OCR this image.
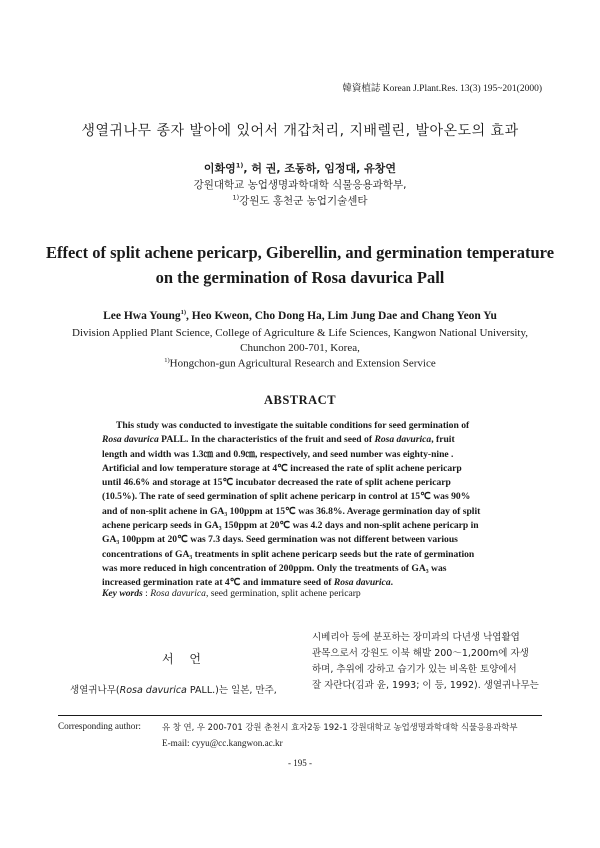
韓資植誌 Korean J.Plant.Res. 13(3) 195~201(2000)
생열귀나무 종자 발아에 있어서 개갑처리, 지배렐린, 발아온도의 효과
이화영$^{1)}$, 허 권, 조동하, 임정대, 유창연
강원대학교 농업생명과학대학 식물응용과학부,
$^{1)}$강원도 홍천군 농업기술센타
Effect of split achene pericarp, Giberellin, and germination temperature
on the germination of Rosa davurica Pall
Lee Hwa Young$^{1)}$, Heo Kweon, Cho Dong Ha, Lim Jung Dae and Chang Yeon Yu
Division Applied Plant Science, College of Agriculture & Life Sciences, Kangwon National University,
Chunchon 200-701, Korea,
$^{1)}$Hongchon-gun Agricultural Research and Extension Service
ABSTRACT
This study was conducted to investigate the suitable conditions for seed germination of
Rosa davurica PALL. In the characteristics of the fruit and seed of Rosa davurica, fruit
length and width was 1.3㎝ and 0.9㎝, respectively, and seed number was eighty-nine .
Artificial and low temperature storage at 4℃ increased the rate of split achene pericarp
until 46.6% and storage at 15℃ incubator decreased the rate of split achene pericarp
(10.5%). The rate of seed germination of split achene pericarp in control at 15℃ was 90%
and of non-split achene in GA₃ 100ppm at 15℃ was 36.8%. Average germination day of split
achene pericarp seeds in GA₃ 150ppm at 20℃ was 4.2 days and non-split achene pericarp in
GA₃ 100ppm at 20℃ was 7.3 days. Seed germination was not different between various
concentrations of GA₃ treatments in split achene pericarp seeds but the rate of germination
was more reduced in high concentration of 200ppm. Only the treatments of GA₃ was
increased germination rate at 4℃ and immature seed of Rosa davurica.
Key words : Rosa davurica, seed germination, split achene pericarp
서 언
생열귀나무(Rosa davurica PALL.)는 일본, 만주,
시베리아 등에 분포하는 장미과의 다년생 낙엽활엽
관목으로서 강원도 이북 해발 200～1,200m에 자생
하며, 추위에 강하고 습기가 있는 비옥한 토양에서
잘 자란다(김과 윤, 1993; 이 등, 1992). 생열귀나무는
Corresponding author:	유 창 연, 우 200-701 강원 춘천시 효자2동 192-1 강원대학교 농업생명과학대학 식물응용과학부
E-mail: cyyu@cc.kangwon.ac.kr
- 195 -
